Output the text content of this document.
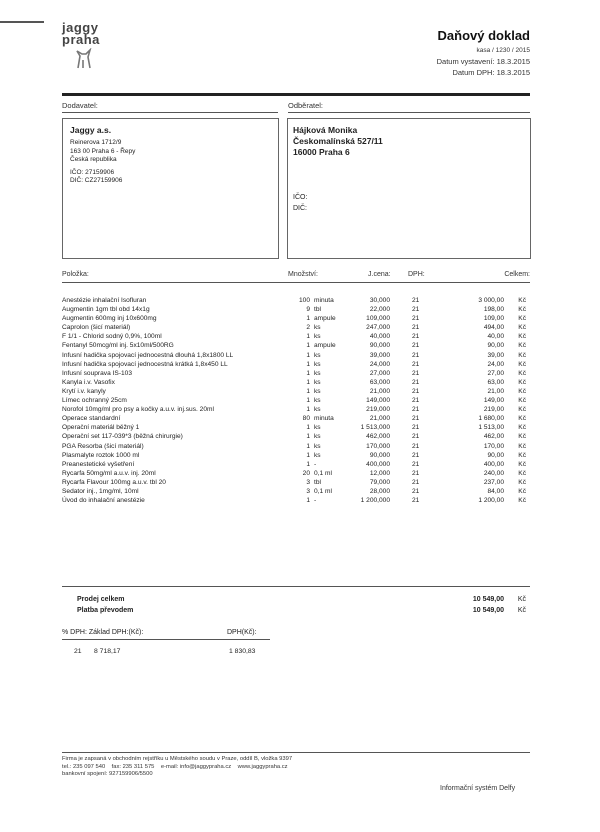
jaggy
praha	Daňový doklad
kasa / 1230 / 2015
Datum vystavení: 18.3.2015
Datum DPH: 18.3.2015
Dodavatel:	Odběratel:
Jaggy a.s.
Reinerova 1712/9
163 00 Praha 6 - Řepy
Česká republika
IČO: 27159906
DIČ: CZ27159906
Hájková Monika
Českomalínská 527/11
16000 Praha 6
IČO:
DIČ:
Položka:	Množství:	J.cena: DPH:	Celkem:
Anestézie inhalační Isofluran	100 minuta	30,000	21	3 000,00 Kč
Augmentin 1gm tbl obd 14x1g	9 tbl	22,000	21	198,00 Kč
Augmentin 600mg inj 10x600mg	1 ampule	109,000	21	109,00 Kč
Caprolon (šicí materiál)	2 ks	247,000	21	494,00 Kč
F 1/1 - Chlorid sodný 0,9%, 100ml	1 ks	40,000	21	40,00 Kč
Fentanyl 50mcg/ml inj. 5x10ml/500RG	1 ampule	90,000	21	90,00 Kč
Infusní hadička spojovací jednocestná dlouhá 1,8x1800 LL	1 ks	39,000	21	39,00 Kč
Infusní hadička spojovací jednocestná krátká 1,8x450 LL	1 ks	24,000	21	24,00 Kč
Infusní souprava IS-103	1 ks	27,000	21	27,00 Kč
Kanyla i.v. Vasofix	1 ks	63,000	21	63,00 Kč
Krytí i.v. kanyly	1 ks	21,000	21	21,00 Kč
Límec ochranný 25cm	1 ks	149,000	21	149,00 Kč
Norofol 10mg/ml pro psy a kočky a.u.v. inj.sus. 20ml	1 ks	219,000	21	219,00 Kč
Operace standardní	80 minuta	21,000	21	1 680,00 Kč
Operační materiál běžný 1	1 ks	1 513,000	21	1 513,00 Kč
Operační set 117-039*3 (běžná chirurgie)	1 ks	462,000	21	462,00 Kč
PGA Resorba (šicí materiál)	1 ks	170,000	21	170,00 Kč
Plasmalyte roztok 1000 ml	1 ks	90,000	21	90,00 Kč
Preanestetické vyšetření	1 -	400,000	21	400,00 Kč
Rycarfa 50mg/ml a.u.v. inj. 20ml	20 0,1 ml	12,000	21	240,00 Kč
Rycarfa Flavour 100mg a.u.v. tbl 20	3 tbl	79,000	21	237,00 Kč
Sedator inj., 1mg/ml, 10ml	3 0,1 ml	28,000	21	84,00 Kč
Úvod do inhalační anestézie	1 -	1 200,000	21	1 200,00 Kč
Prodej celkem	10 549,00 Kč
Platba převodem	10 549,00 Kč
% DPH: Základ DPH:(Kč):	DPH(Kč):
21 8 718,17	1 830,83
Firma je zapsaná v obchodním rejstříku u Městského soudu v Praze, oddíl B, vložka 9397
tel.: 235 097 540    fax: 235 311 575    e-mail: info@jaggypraha.cz    www.jaggypraha.cz
bankovní spojení: 927159906/5500
Informační systém Delfy
